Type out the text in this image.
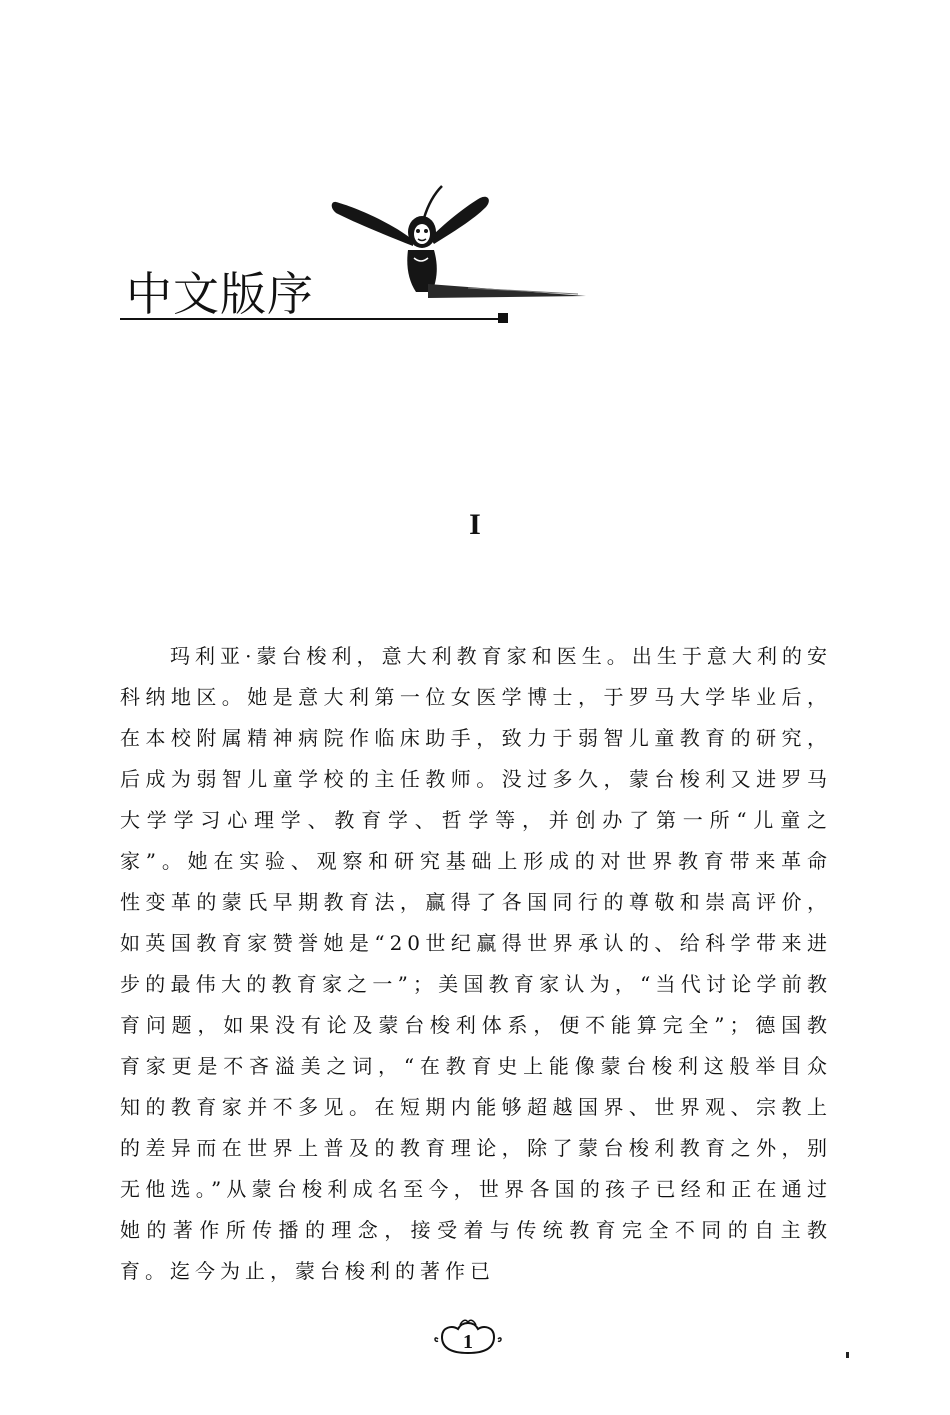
中文版序
I

玛利亚·蒙台梭利，意大利教育家和医生。出生于意大利的安科纳地区。她是意大利第一位女医学博士，于罗马大学毕业后，在本校附属精神病院作临床助手，致力于弱智儿童教育的研究，后成为弱智儿童学校的主任教师。没过多久，蒙台梭利又进罗马大学学习心理学、教育学、哲学等，并创办了第一所“儿童之家”。她在实验、观察和研究基础上形成的对世界教育带来革命性变革的蒙氏早期教育法，赢得了各国同行的尊敬和崇高评价，如英国教育家赞誉她是“20世纪赢得世界承认的、给科学带来进步的最伟大的教育家之一”；美国教育家认为，“当代讨论学前教育问题，如果没有论及蒙台梭利体系，便不能算完全”；德国教育家更是不吝溢美之词，“在教育史上能像蒙台梭利这般举目众知的教育家并不多见。在短期内能够超越国界、世界观、宗教上的差异而在世界上普及的教育理论，除了蒙台梭利教育之外，别无他选。”从蒙台梭利成名至今，世界各国的孩子已经和正在通过她的著作所传播的理念，接受着与传统教育完全不同的自主教育。迄今为止，蒙台梭利的著作已

1
